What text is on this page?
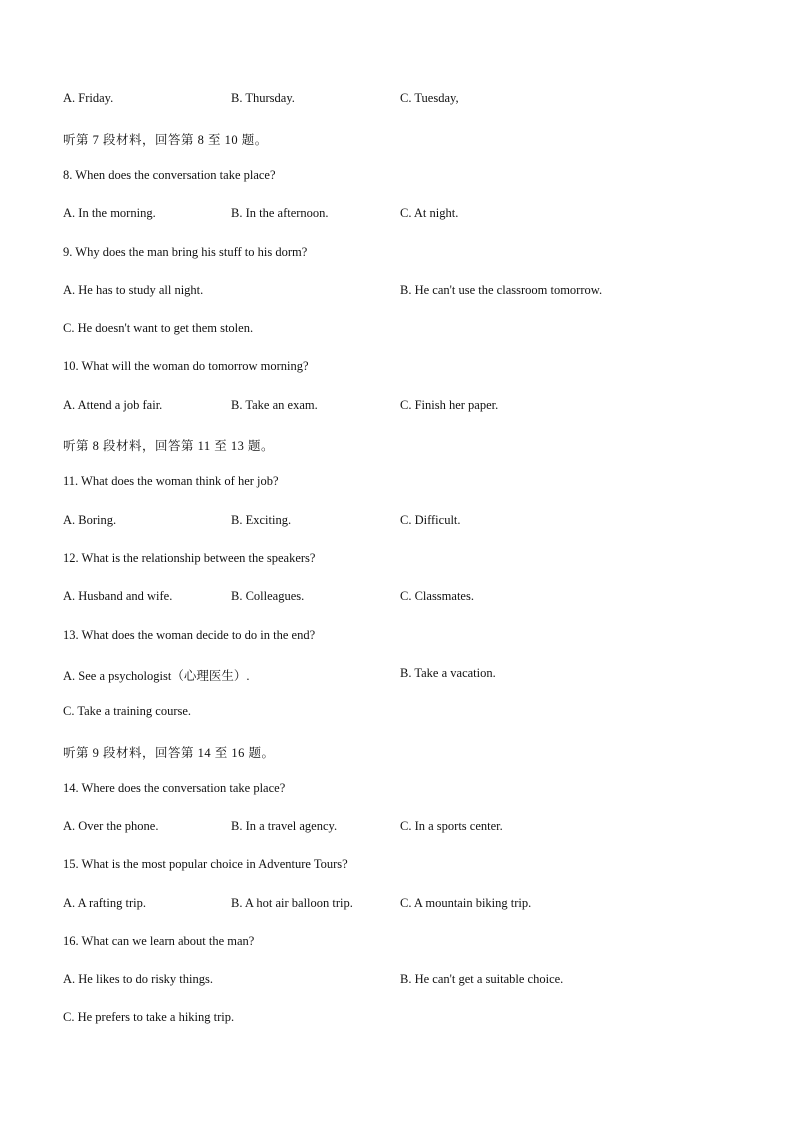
A. Friday.	B. Thursday.	C. Tuesday,
听第 7 段材料，回答第 8 至 10 题。
8. When does the conversation take place?
A. In the morning.	B. In the afternoon.	C. At night.
9. Why does the man bring his stuff to his dorm?
A. He has to study all night.	B. He can't use the classroom tomorrow.
C. He doesn't want to get them stolen.
10. What will the woman do tomorrow morning?
A. Attend a job fair.	B. Take an exam.	C. Finish her paper.
听第 8 段材料，回答第 11 至 13 题。
11. What does the woman think of her job?
A. Boring.	B. Exciting.	C. Difficult.
12. What is the relationship between the speakers?
A. Husband and wife.	B. Colleagues.	C. Classmates.
13. What does the woman decide to do in the end?
A. See a psychologist（心理医生）.	B. Take a vacation.
C. Take a training course.
听第 9 段材料，回答第 14 至 16 题。
14. Where does the conversation take place?
A. Over the phone.	B. In a travel agency.	C. In a sports center.
15. What is the most popular choice in Adventure Tours?
A. A rafting trip.	B. A hot air balloon trip.	C. A mountain biking trip.
16. What can we learn about the man?
A. He likes to do risky things.	B. He can't get a suitable choice.
C. He prefers to take a hiking trip.
